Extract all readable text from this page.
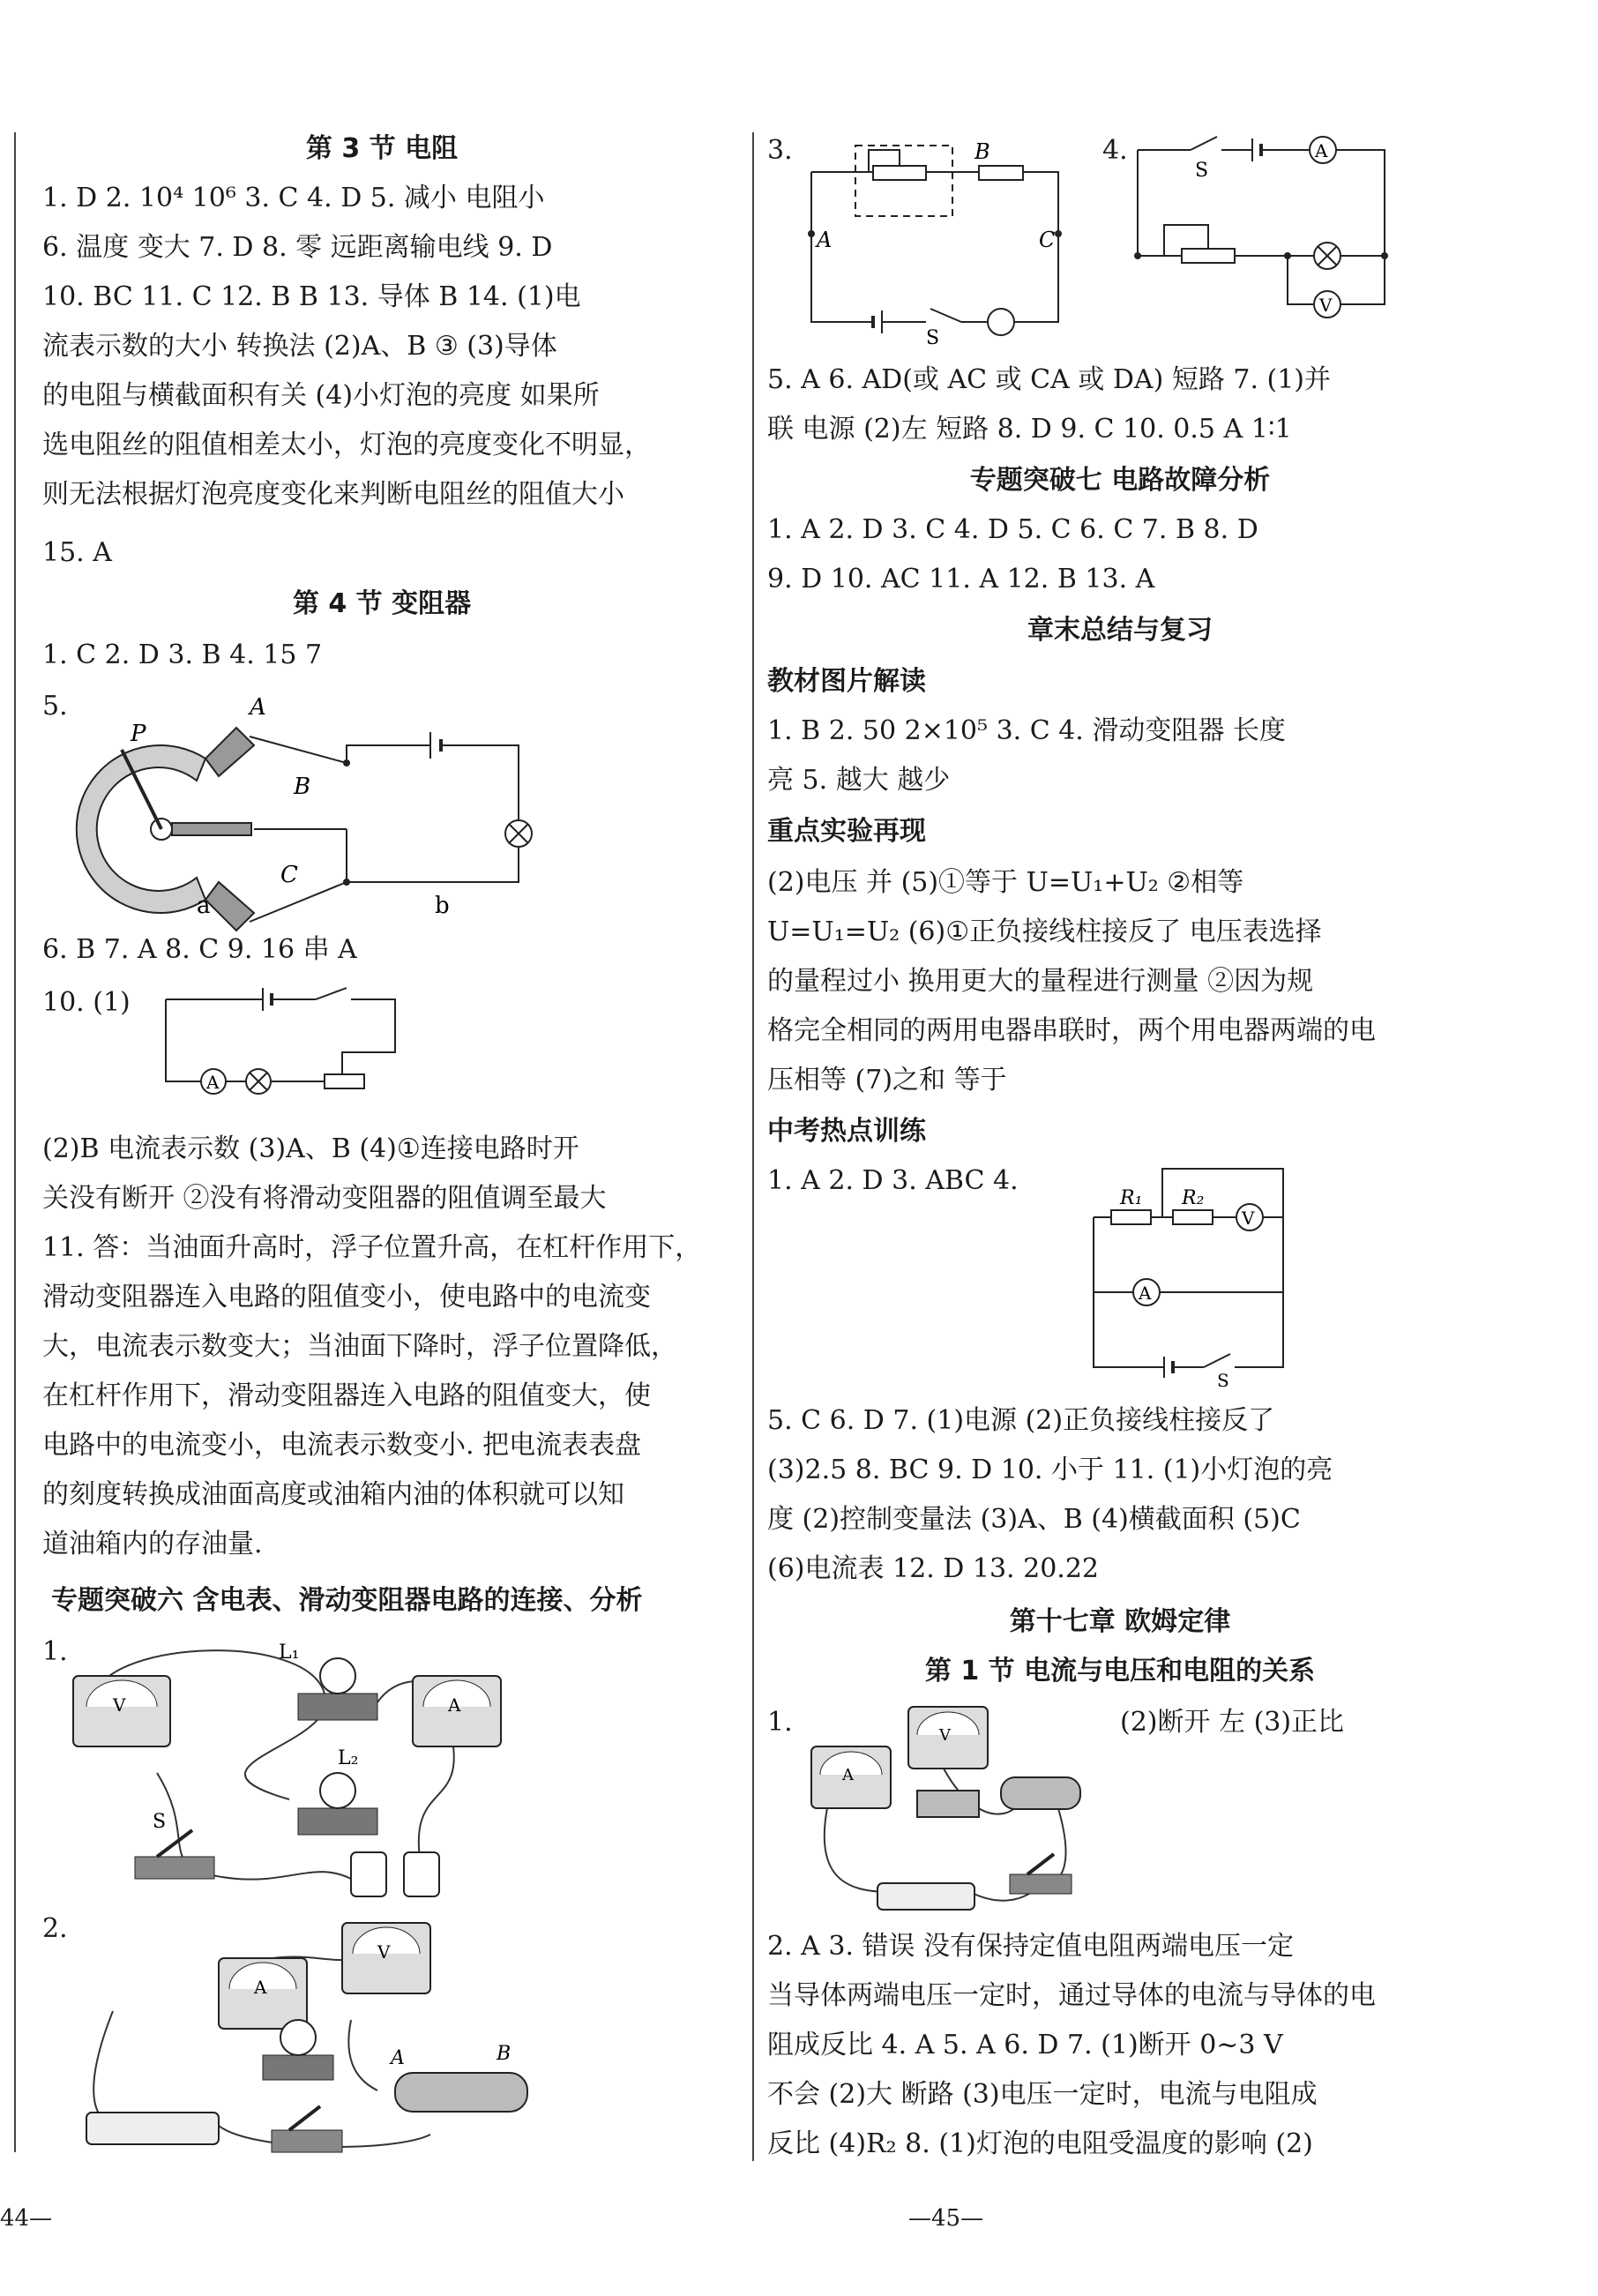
第 3 节 电阻
1. D 2. 10⁴ 10⁶ 3. C 4. D 5. 减小 电阻小
6. 温度 变大 7. D 8. 零 远距离输电线 9. D
10. BC 11. C 12. B B 13. 导体 B 14. (1)电
流表示数的大小 转换法 (2)A、B ③ (3)导体
的电阻与横截面积有关 (4)小灯泡的亮度 如果所
选电阻丝的阻值相差太小，灯泡的亮度变化不明显，
则无法根据灯泡亮度变化来判断电阻丝的阻值大小
15. A
第 4 节 变阻器
1. C 2. D 3. B 4. 15 7
5.
P
A
B
C
a	b
6. B 7. A 8. C 9. 16 串 A
10. (1)
A
(2)B 电流表示数 (3)A、B (4)①连接电路时开
关没有断开 ②没有将滑动变阻器的阻值调至最大
11. 答：当油面升高时，浮子位置升高，在杠杆作用下，
滑动变阻器连入电路的阻值变小，使电路中的电流变
大，电流表示数变大；当油面下降时，浮子位置降低，
在杠杆作用下，滑动变阻器连入电路的阻值变大，使
电路中的电流变小，电流表示数变小. 把电流表表盘
的刻度转换成油面高度或油箱内油的体积就可以知
道油箱内的存油量.
专题突破六 含电表、滑动变阻器电路的连接、分析
1.
V
L₁
L₂
A
S
2.
A
V
A	B
3.
A	C
B
S
4.	A
V
S
5. A 6. AD(或 AC 或 CA 或 DA) 短路 7. (1)并
联 电源 (2)左 短路 8. D 9. C 10. 0.5 A 1∶1
专题突破七 电路故障分析
1. A 2. D 3. C 4. D 5. C 6. C 7. B 8. D
9. D 10. AC 11. A 12. B 13. A
章末总结与复习
教材图片解读
1. B 2. 50 2×10⁵ 3. C 4. 滑动变阻器 长度
亮 5. 越大 越少
重点实验再现
(2)电压 并 (5)①等于 U=U₁+U₂ ②相等
U=U₁=U₂ (6)①正负接线柱接反了 电压表选择
的量程过小 换用更大的量程进行测量 ②因为规
格完全相同的两用电器串联时，两个用电器两端的电
压相等 (7)之和 等于
中考热点训练
1. A 2. D 3. ABC 4.
V
A
R₁ R₂
S
5. C 6. D 7. (1)电源 (2)正负接线柱接反了
(3)2.5 8. BC 9. D 10. 小于 11. (1)小灯泡的亮
度 (2)控制变量法 (3)A、B (4)横截面积 (5)C
(6)电流表 12. D 13. 20.22
第十七章 欧姆定律
第 1 节 电流与电压和电阻的关系
1.	(2)断开 左 (3)正比
A
V
2. A 3. 错误 没有保持定值电阻两端电压一定
当导体两端电压一定时，通过导体的电流与导体的电
阻成反比 4. A 5. A 6. D 7. (1)断开 0~3 V
不会 (2)大 断路 (3)电压一定时，电流与电阻成
反比 (4)R₂ 8. (1)灯泡的电阻受温度的影响 (2)
44—	—45—
